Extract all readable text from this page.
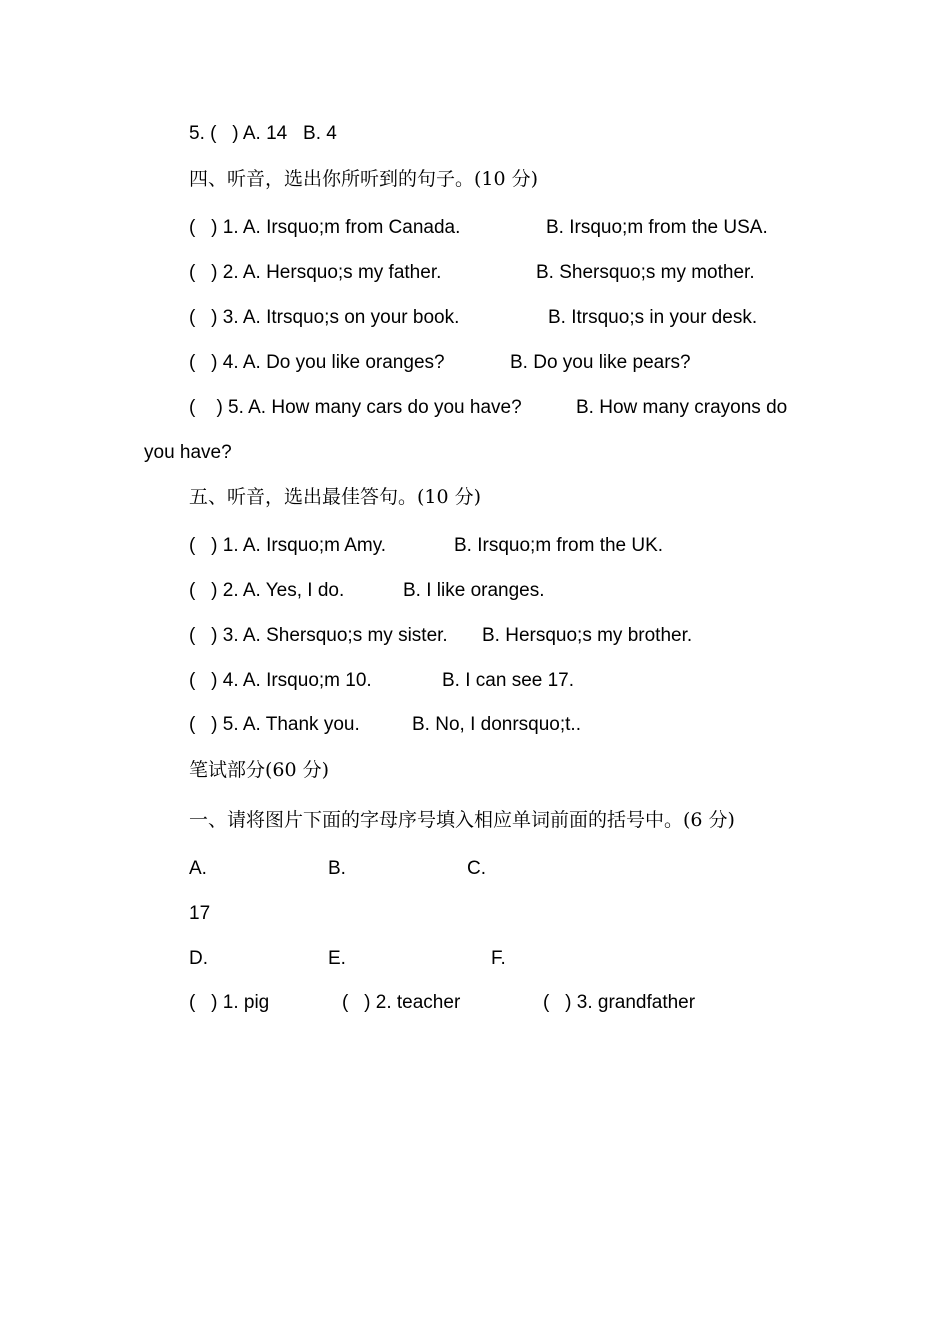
5. (   ) A. 14   B. 4
四、听音，选出你所听到的句子。(10 分)
(   ) 1. A. Irsquo;m from Canada.	B. Irsquo;m from the USA.
(   ) 2. A. Hersquo;s my father.	B. Shersquo;s my mother.
(   ) 3. A. Itrsquo;s on your book.	B. Itrsquo;s in your desk.
(   ) 4. A. Do you like oranges?	B. Do you like pears?
(    ) 5. A. How many cars do you have?	B. How many crayons do
you have?
五、听音，选出最佳答句。(10 分)
(   ) 1. A. Irsquo;m Amy.	B. Irsquo;m from the UK.
(   ) 2. A. Yes, I do.	B. I like oranges.
(   ) 3. A. Shersquo;s my sister. B. Hersquo;s my brother.
(   ) 4. A. Irsquo;m 10.	B. I can see 17.
(   ) 5. A. Thank you.	B. No, I donrsquo;t..
笔试部分(60 分)
一、请将图片下面的字母序号填入相应单词前面的括号中。(6 分)
A.	B.	C.
17
D.	E.	F.
(   ) 1. pig	(   ) 2. teacher	(   ) 3. grandfather
